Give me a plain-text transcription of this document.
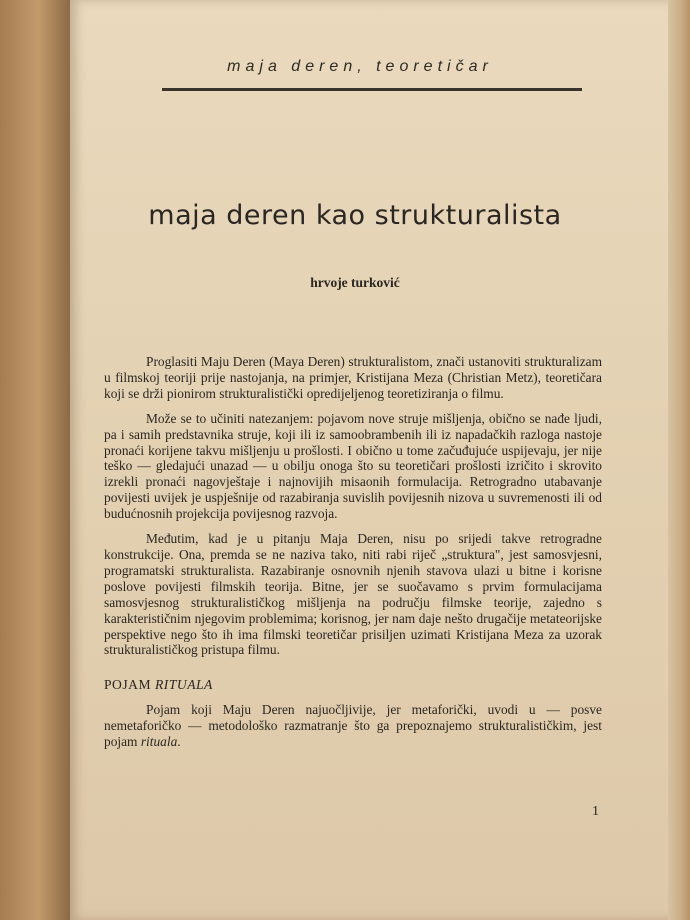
maja deren, teoretičar
maja deren kao strukturalista
hrvoje turković

Proglasiti Maju Deren (Maya Deren) strukturalistom, znači ustanoviti strukturalizam u filmskoj teoriji prije nastojanja, na primjer, Kristijana Meza (Christian Metz), teoretičara koji se drži pionirom strukturalistički opredijeljenog teoretiziranja o filmu.

Može se to učiniti natezanjem: pojavom nove struje mišljenja, obično se nađe ljudi, pa i samih predstavnika struje, koji ili iz samoobrambenih ili iz napadačkih razloga nastoje pronaći korijene takvu mišljenju u prošlosti. I obično u tome začuđujuće uspijevaju, jer nije teško — gledajući unazad — u obilju onoga što su teoretičari prošlosti izričito i skrovito izrekli pronaći nagovještaje i najnovijih misaonih formulacija. Retrogradno utabavanje povijesti uvijek je uspješnije od razabiranja suvislih povijesnih nizova u suvremenosti ili od budućnosnih projekcija povijesnog razvoja.

Međutim, kad je u pitanju Maja Deren, nisu po srijedi takve retrogradne konstrukcije. Ona, premda se ne naziva tako, niti rabi riječ „struktura", jest samosvjesni, programatski strukturalista. Razabiranje osnovnih njenih stavova ulazi u bitne i korisne poslove povijesti filmskih teorija. Bitne, jer se suočavamo s prvim formulacijama samosvjesnog strukturalističkog mišljenja na području filmske teorije, zajedno s karakterističnim njegovim problemima; korisnog, jer nam daje nešto drugačije metateorijske perspektive nego što ih ima filmski teoretičar prisiljen uzimati Kristijana Meza za uzorak strukturalističkog pristupa filmu.

POJAM RITUALA

Pojam koji Maju Deren najuočljivije, jer metaforički, uvodi u — posve nemetaforičko — metodološko razmatranje što ga prepoznajemo strukturalističkim, jest pojam rituala.

1
